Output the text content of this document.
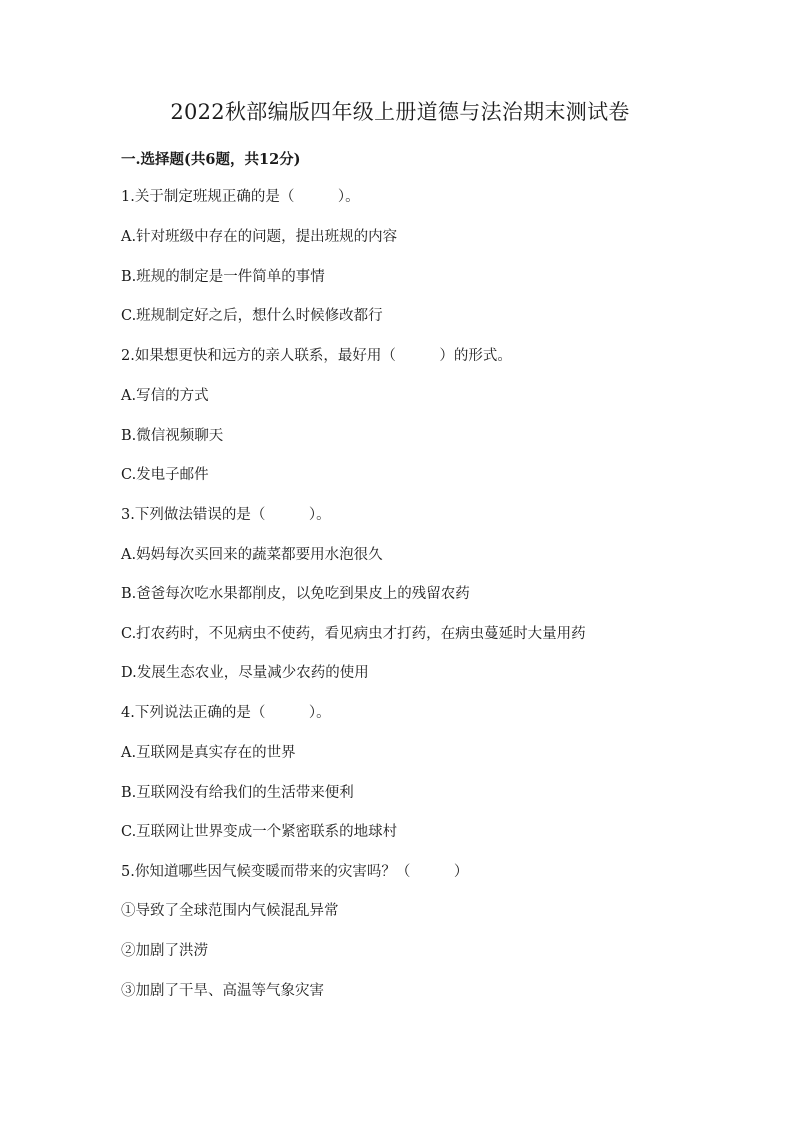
2022秋部编版四年级上册道德与法治期末测试卷
一.选择题(共6题，共12分)
1.关于制定班规正确的是（　　　）。
A.针对班级中存在的问题，提出班规的内容
B.班规的制定是一件简单的事情
C.班规制定好之后，想什么时候修改都行
2.如果想更快和远方的亲人联系，最好用（　　　）的形式。
A.写信的方式
B.微信视频聊天
C.发电子邮件
3.下列做法错误的是（　　　）。
A.妈妈每次买回来的蔬菜都要用水泡很久
B.爸爸每次吃水果都削皮，以免吃到果皮上的残留农药
C.打农药时，不见病虫不使药，看见病虫才打药，在病虫蔓延时大量用药
D.发展生态农业，尽量减少农药的使用
4.下列说法正确的是（　　　）。
A.互联网是真实存在的世界
B.互联网没有给我们的生活带来便利
C.互联网让世界变成一个紧密联系的地球村
5.你知道哪些因气候变暖而带来的灾害吗？（　　　）
①导致了全球范围内气候混乱异常
②加剧了洪涝
③加剧了干旱、高温等气象灾害
